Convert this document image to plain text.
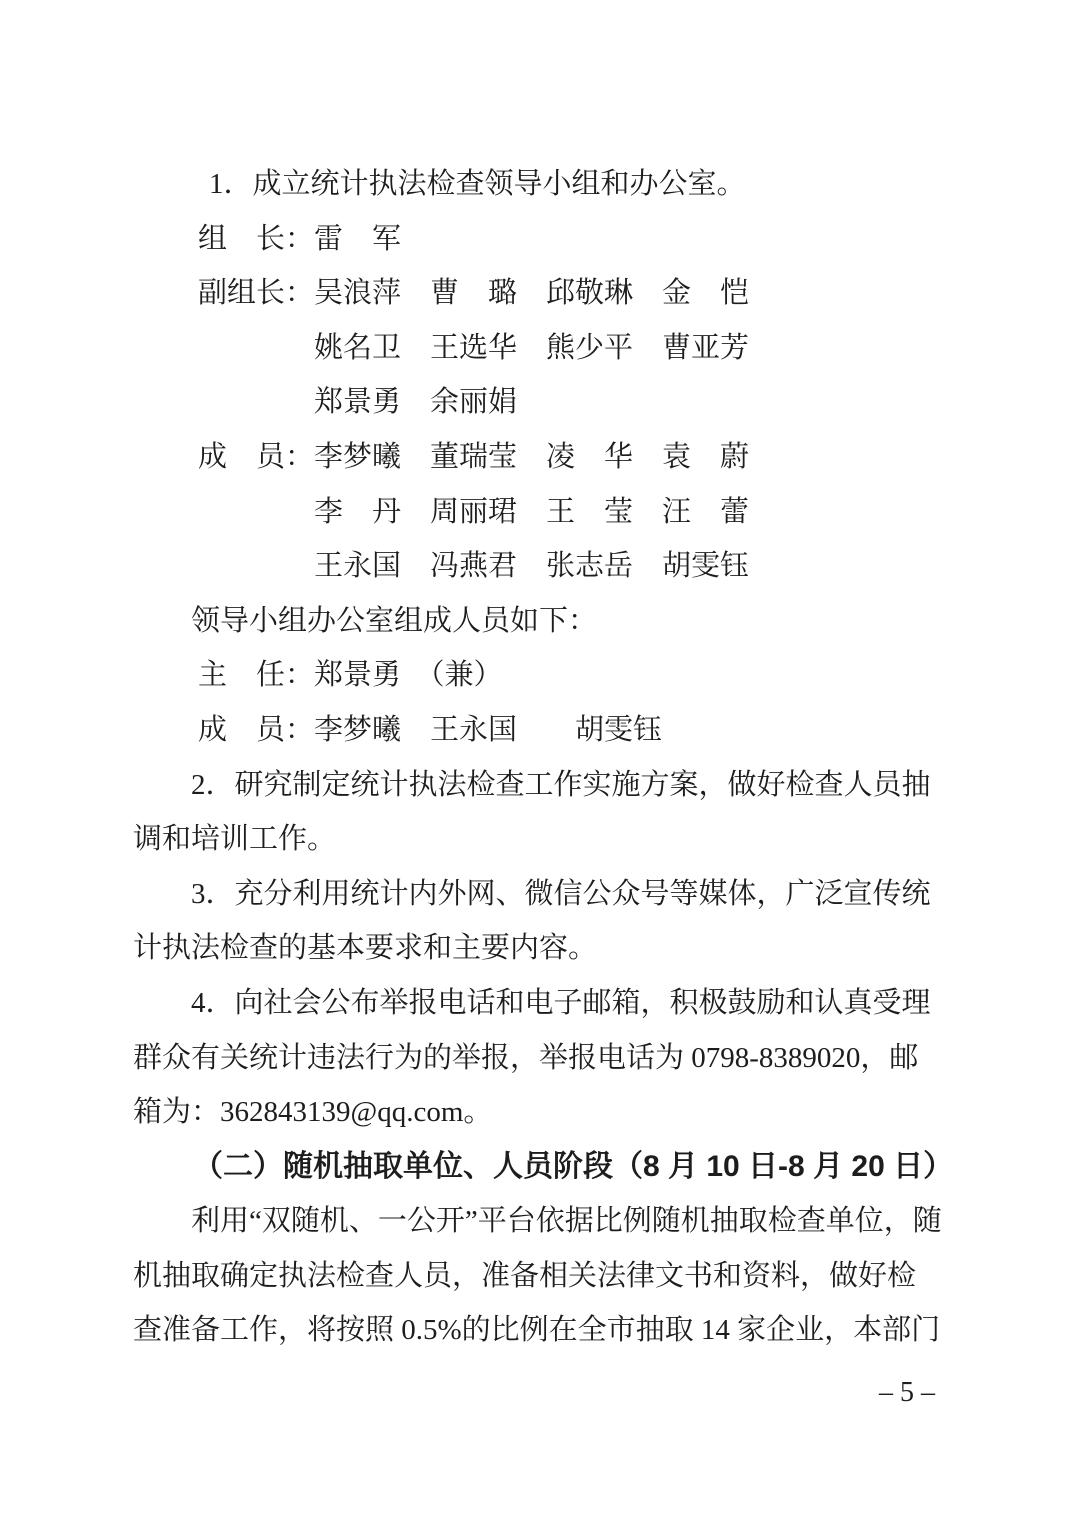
1．成立统计执法检查领导小组和办公室。
组　长：雷　军
副组长：吴浪萍　曹　璐　邱敬琳　金　恺
姚名卫　王选华　熊少平　曹亚芳
郑景勇　余丽娟
成　员：李梦曦　董瑞莹　凌　华　袁　蔚
李　丹　周丽珺　王　莹　汪　蕾
王永国　冯燕君　张志岳　胡雯钰
领导小组办公室组成人员如下：
主　任：郑景勇　（兼）
成　员：李梦曦　王永国　　胡雯钰
2．研究制定统计执法检查工作实施方案，做好检查人员抽
调和培训工作。
3．充分利用统计内外网、微信公众号等媒体，广泛宣传统
计执法检查的基本要求和主要内容。
4．向社会公布举报电话和电子邮箱，积极鼓励和认真受理
群众有关统计违法行为的举报，举报电话为 0798-8389020，邮
箱为：362843139@qq.com。
（二）随机抽取单位、人员阶段（8 月 10 日-8 月 20 日）
利用“双随机、一公开”平台依据比例随机抽取检查单位，随
机抽取确定执法检查人员，准备相关法律文书和资料，做好检
查准备工作，将按照 0.5%的比例在全市抽取 14 家企业，本部门
– 5 –
